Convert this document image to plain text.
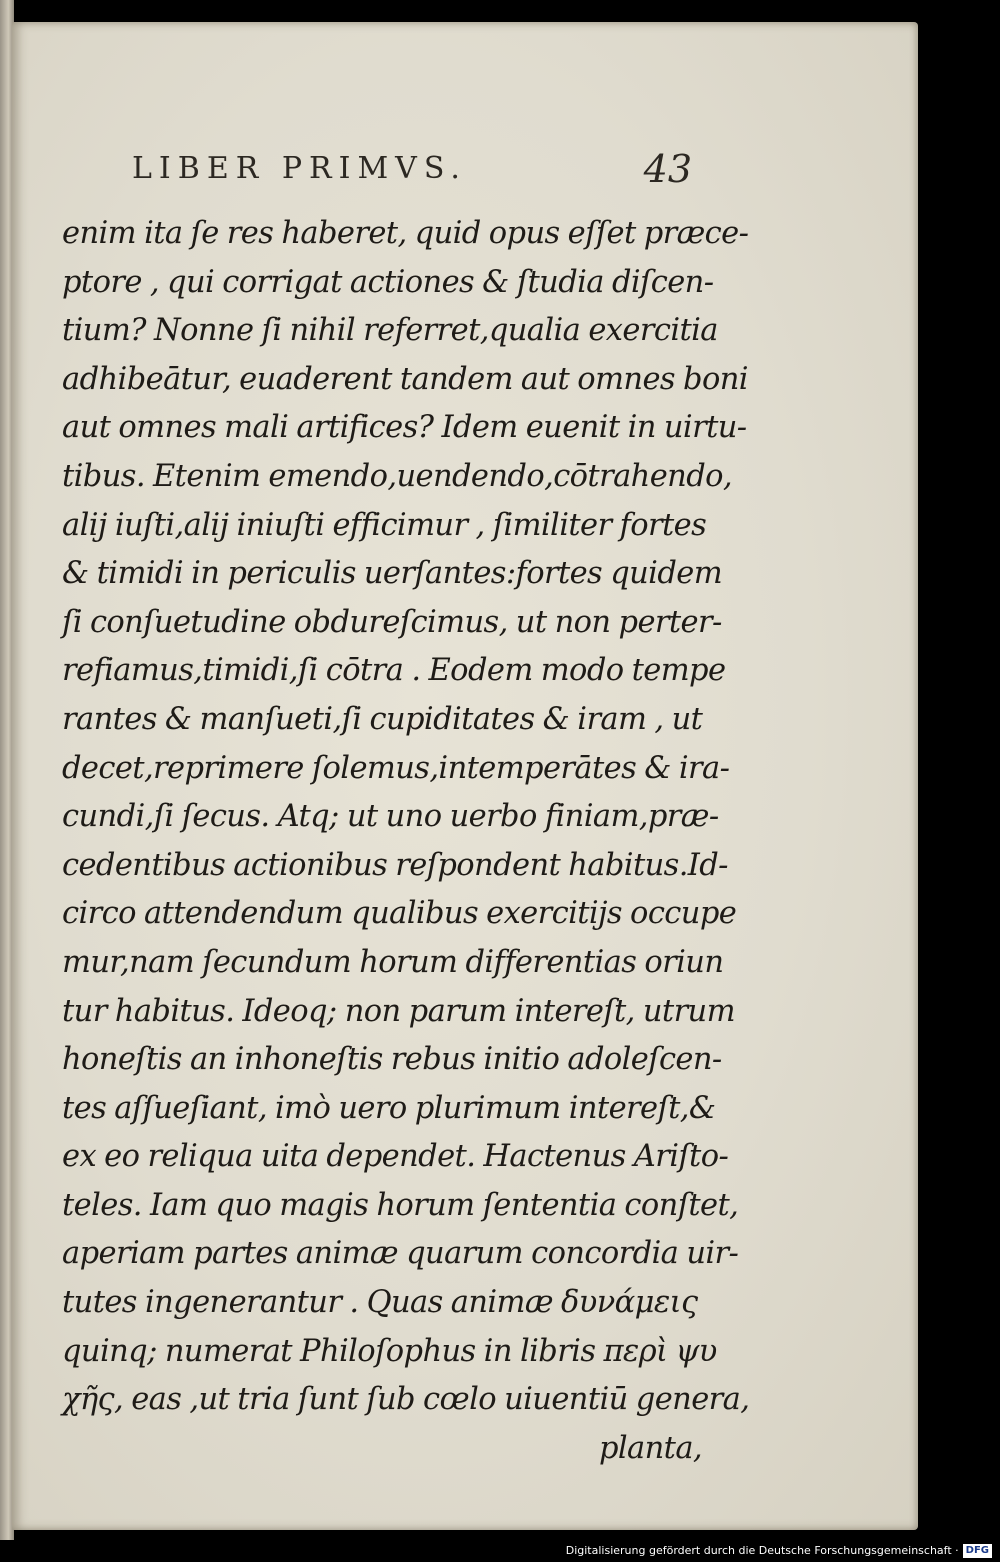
LIBER PRIMVS.	43
enim ita ſe res haberet, quid opus eſſet præce-
ptore , qui corrigat actiones & ſtudia diſcen-
tium? Nonne ſi nihil referret,qualia exercitia
adhibeātur, euaderent tandem aut omnes boni
aut omnes mali artifices? Idem euenit in uirtu-
tibus. Etenim emendo,uendendo,cōtrahendo,
alij iuſti,alij iniuſti efficimur , ſimiliter fortes
& timidi in periculis uerſantes:fortes quidem
ſi conſuetudine obdureſcimus, ut non perter-
refiamus,timidi,ſi cōtra . Eodem modo tempe
rantes & manſueti,ſi cupiditates & iram , ut
decet,reprimere ſolemus,intemperātes & ira-
cundi,ſi ſecus. Atq; ut uno uerbo finiam,præ-
cedentibus actionibus reſpondent habitus.Id-
circo attendendum qualibus exercitijs occupe
mur,nam ſecundum horum differentias oriun
tur habitus. Ideoq; non parum intereſt, utrum
honeſtis an inhoneſtis rebus initio adoleſcen-
tes aſſueſiant, imò uero plurimum intereſt,&
ex eo reliqua uita dependet. Hactenus Ariſto-
teles. Iam quo magis horum ſententia conſtet,
aperiam partes animæ quarum concordia uir-
tutes ingenerantur . Quas animæ δυνάμεις
quinq; numerat Philoſophus in libris περὶ ψυ
χῆς, eas ,ut tria ſunt ſub cœlo uiuentiū genera,
planta,
Digitalisierung gefördert durch die Deutsche Forschungsgemeinschaft · DFG
